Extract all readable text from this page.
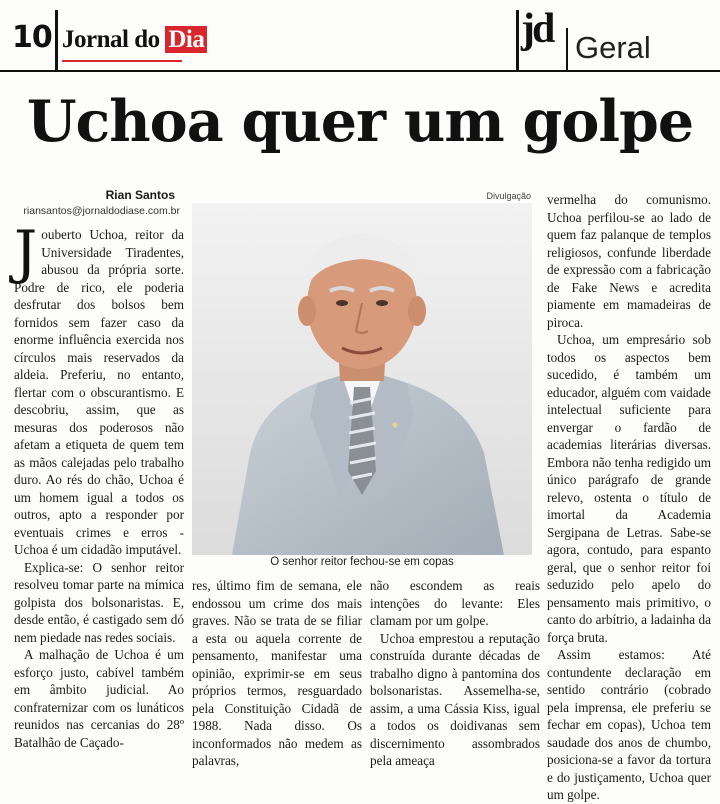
10 Jornal do Dia	jd Geral
Uchoa quer um golpe
Rian Santos
riansantos@jornaldodiase.com.br
Divulgação
O senhor reitor fechou-se em copas

Jouberto Uchoa, reitor da Universidade Tiradentes, abusou da própria sorte. Podre de rico, ele poderia desfrutar dos bolsos bem fornidos sem fazer caso da enorme influência exercida nos círculos mais reservados da aldeia. Preferiu, no entanto, flertar com o obscurantismo. E descobriu, assim, que as mesuras dos poderosos não afetam a etiqueta de quem tem as mãos calejadas pelo trabalho duro. Ao rés do chão, Uchoa é um homem igual a todos os outros, apto a responder por eventuais crimes e erros - Uchoa é um cidadão imputável.

Explica-se: O senhor reitor resolveu tomar parte na mímica golpista dos bolsonaristas. E, desde então, é castigado sem dó nem piedade nas redes sociais.

A malhação de Uchoa é um esforço justo, cabível também em âmbito judicial. Ao confraternizar com os lunáticos reunidos nas cercanias do 28º Batalhão de Caçado-

res, último fim de semana, ele endossou um crime dos mais graves. Não se trata de se filiar a esta ou aquela corrente de pensamento, manifestar uma opinião, exprimir-se em seus próprios termos, resguardado pela Constituição Cidadã de 1988. Nada disso. Os inconformados não medem as palavras,

não escondem as reais intenções do levante: Eles clamam por um golpe.

Uchoa emprestou a reputação construída durante décadas de trabalho digno à pantomina dos bolsonaristas. Assemelha-se, assim, a uma Cássia Kiss, igual a todos os doidivanas sem discernimento assombrados pela ameaça

vermelha do comunismo. Uchoa perfilou-se ao lado de quem faz palanque de templos religiosos, confunde liberdade de expressão com a fabricação de Fake News e acredita piamente em mamadeiras de piroca.

Uchoa, um empresário sob todos os aspectos bem sucedido, é também um educador, alguém com vaidade intelectual suficiente para envergar o fardão de academias literárias diversas. Embora não tenha redigido um único parágrafo de grande relevo, ostenta o título de imortal da Academia Sergipana de Letras. Sabe-se agora, contudo, para espanto geral, que o senhor reitor foi seduzido pelo apelo do pensamento mais primitivo, o canto do arbítrio, a ladainha da força bruta.

Assim estamos: Até contundente declaração em sentido contrário (cobrado pela imprensa, ele preferiu se fechar em copas), Uchoa tem saudade dos anos de chumbo, posiciona-se a favor da tortura e do justiçamento, Uchoa quer um golpe.
